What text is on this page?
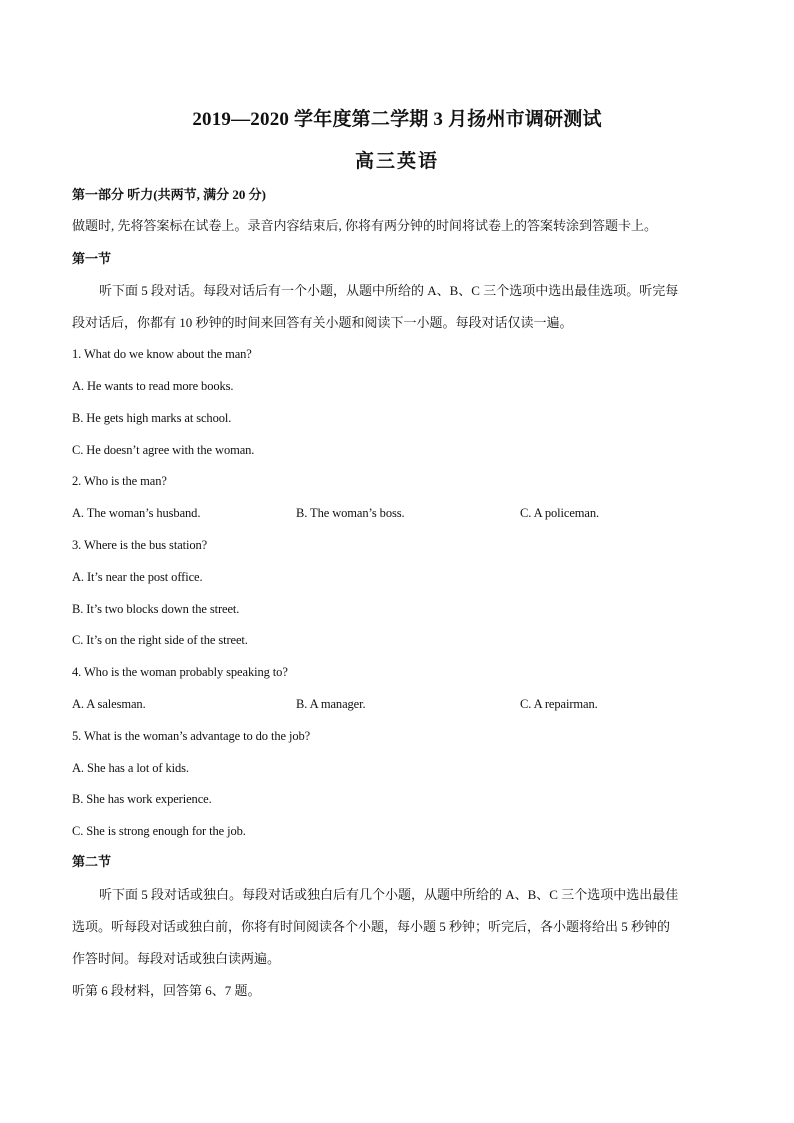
2019—2020 学年度第二学期 3 月扬州市调研测试
高三英语
第一部分 听力(共两节, 满分 20 分)
做题时, 先将答案标在试卷上。录音内容结束后, 你将有两分钟的时间将试卷上的答案转涂到答题卡上。
第一节
听下面 5 段对话。每段对话后有一个小题，从题中所给的 A、B、C 三个选项中选出最佳选项。听完每
段对话后，你都有 10 秒钟的时间来回答有关小题和阅读下一小题。每段对话仅读一遍。
1. What do we know about the man?
A. He wants to read more books.
B. He gets high marks at school.
C. He doesn’t agree with the woman.
2. Who is the man?
A. The woman’s husband.	B. The woman’s boss.	C. A policeman.
3. Where is the bus station?
A. It’s near the post office.
B. It’s two blocks down the street.
C. It’s on the right side of the street.
4. Who is the woman probably speaking to?
A. A salesman.	B. A manager.	C. A repairman.
5. What is the woman’s advantage to do the job?
A. She has a lot of kids.
B. She has work experience.
C. She is strong enough for the job.
第二节
听下面 5 段对话或独白。每段对话或独白后有几个小题，从题中所给的 A、B、C 三个选项中选出最佳
选项。听每段对话或独白前，你将有时间阅读各个小题，每小题 5 秒钟；听完后，各小题将给出 5 秒钟的
作答时间。每段对话或独白读两遍。
听第 6 段材料，回答第 6、7 题。
